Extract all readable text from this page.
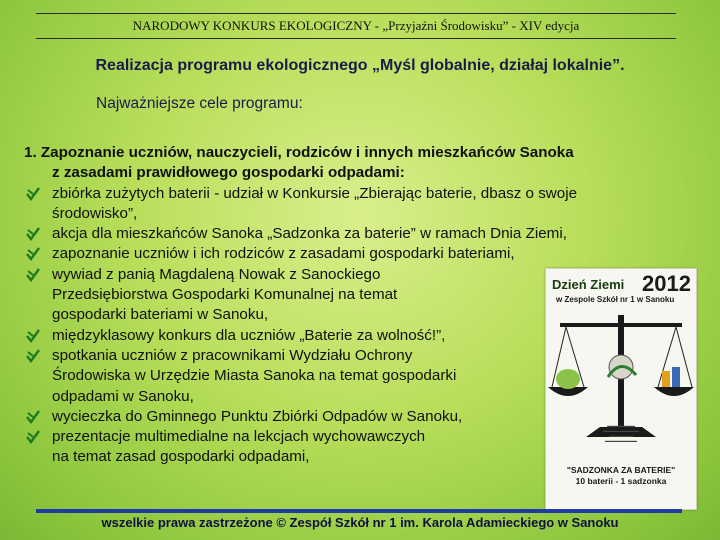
NARODOWY KONKURS EKOLOGICZNY - „Przyjaźni Środowisku” - XIV edycja
Realizacja programu ekologicznego „Myśl globalnie, działaj lokalnie”.
Najważniejsze cele programu:
1. Zapoznanie uczniów, nauczycieli, rodziców i innych mieszkańców Sanoka
z zasadami prawidłowego gospodarki odpadami:
zbiórka zużytych baterii - udział w Konkursie „Zbierając baterie, dbasz o swoje
środowisko”,
akcja dla mieszkańców Sanoka „Sadzonka za baterie” w ramach Dnia Ziemi,
zapoznanie uczniów i ich rodziców z zasadami gospodarki bateriami,
wywiad z panią Magdaleną Nowak z Sanockiego
Przedsiębiorstwa Gospodarki Komunalnej na temat
gospodarki bateriami w Sanoku,
międzyklasowy konkurs dla uczniów „Baterie za wolność!”,
spotkania uczniów z pracownikami Wydziału Ochrony
Środowiska w Urzędzie Miasta Sanoka na temat gospodarki
odpadami w Sanoku,
wycieczka do Gminnego Punktu Zbiórki Odpadów w Sanoku,
prezentacje multimedialne na lekcjach wychowawczych
na temat zasad gospodarki odpadami,
Dzień Ziemi 2012
w Zespole Szkół nr 1 w Sanoku
▬▬▬▬▬▬▬
▬▬▬▬▬▬▬▬▬
▬▬▬▬▬▬
▬▬▬▬▬▬▬▬
"SADZONKA ZA BATERIE"
10 baterii - 1 sadzonka
wszelkie prawa zastrzeżone © Zespół Szkół nr 1 im. Karola Adamieckiego w Sanoku
